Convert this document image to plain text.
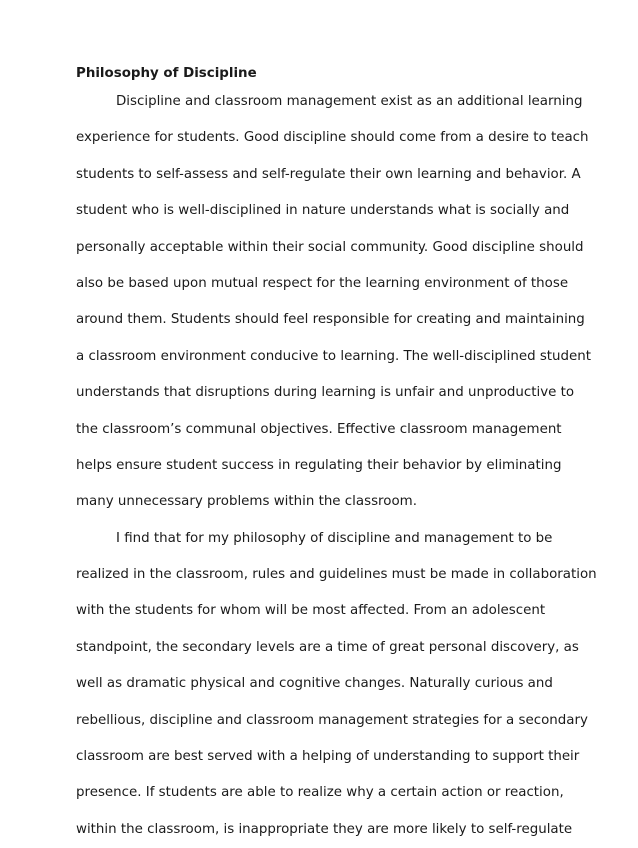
Philosophy of Discipline
Discipline and classroom management exist as an additional learning
experience for students. Good discipline should come from a desire to teach
students to self-assess and self-regulate their own learning and behavior. A
student who is well-disciplined in nature understands what is socially and
personally acceptable within their social community. Good discipline should
also be based upon mutual respect for the learning environment of those
around them. Students should feel responsible for creating and maintaining
a classroom environment conducive to learning. The well-disciplined student
understands that disruptions during learning is unfair and unproductive to
the classroom’s communal objectives. Effective classroom management
helps ensure student success in regulating their behavior by eliminating
many unnecessary problems within the classroom.
I find that for my philosophy of discipline and management to be
realized in the classroom, rules and guidelines must be made in collaboration
with the students for whom will be most affected. From an adolescent
standpoint, the secondary levels are a time of great personal discovery, as
well as dramatic physical and cognitive changes. Naturally curious and
rebellious, discipline and classroom management strategies for a secondary
classroom are best served with a helping of understanding to support their
presence. If students are able to realize why a certain action or reaction,
within the classroom, is inappropriate they are more likely to self-regulate
